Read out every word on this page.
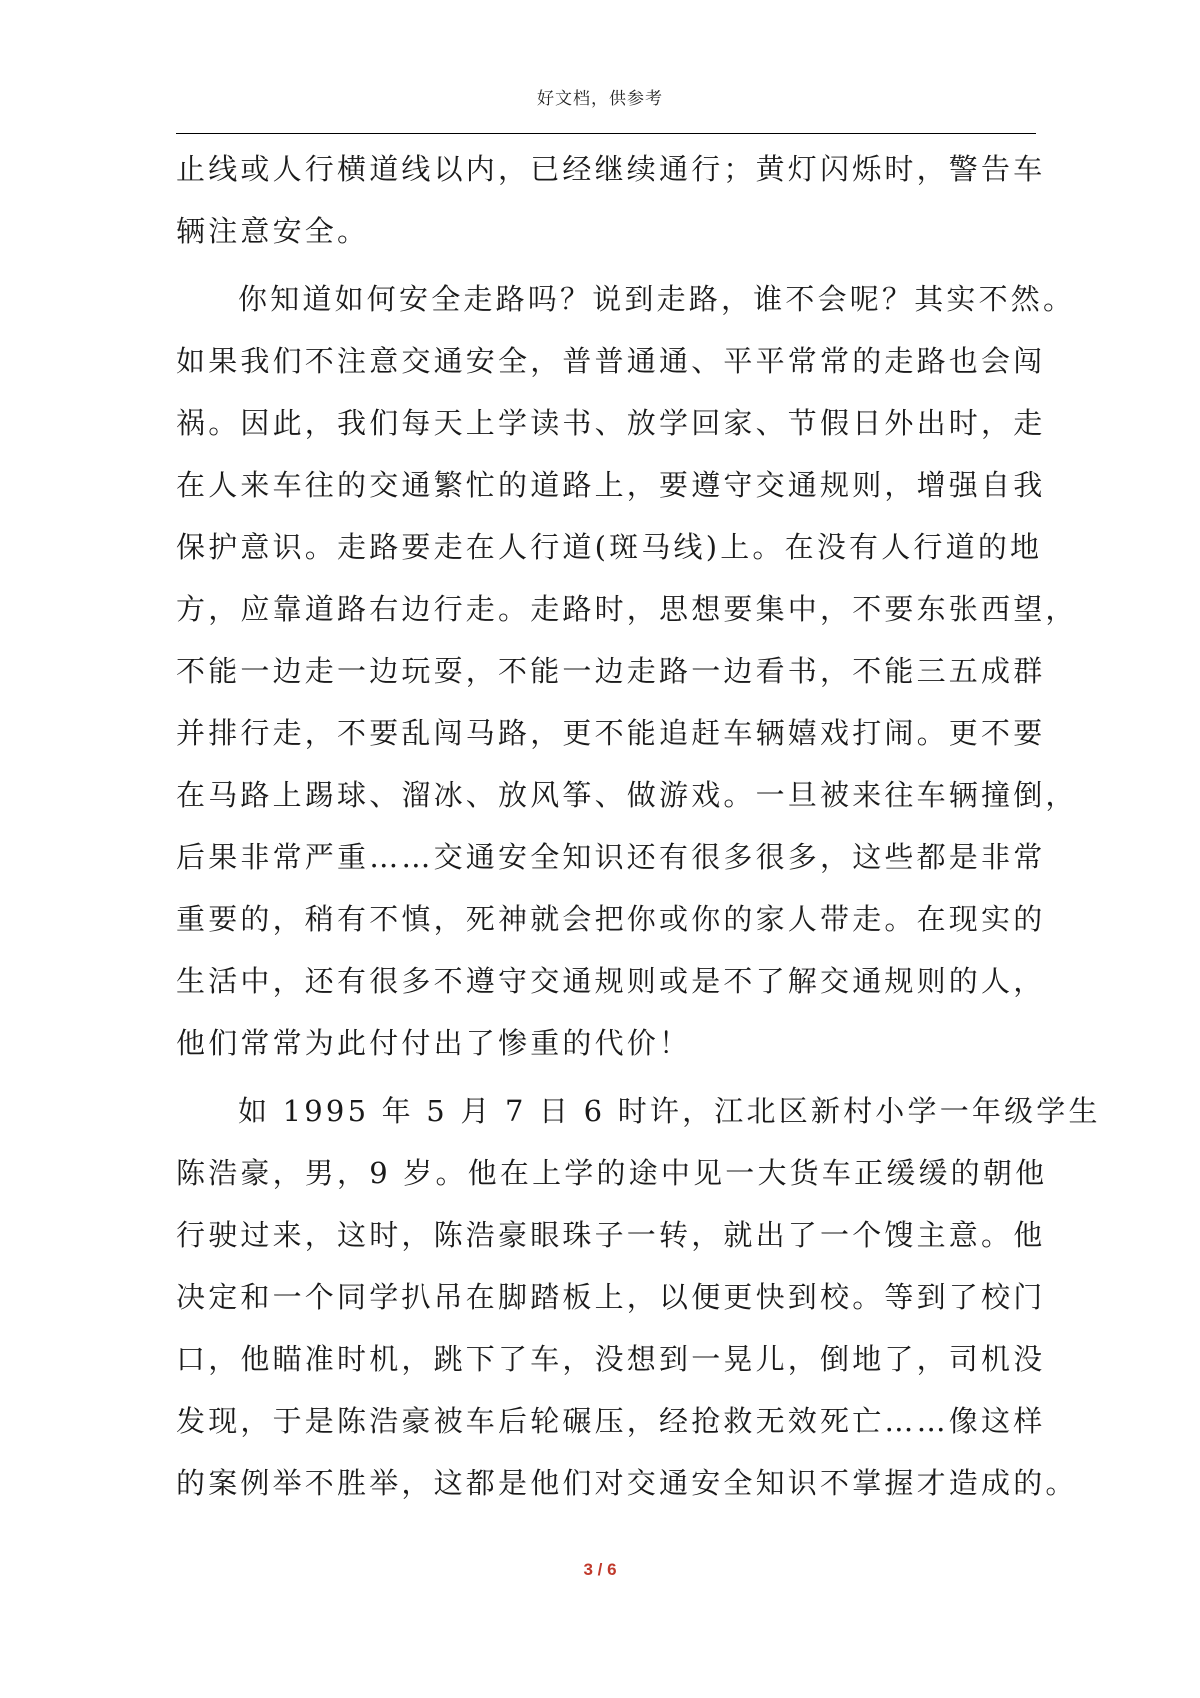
好文档，供参考
止线或人行横道线以内，已经继续通行；黄灯闪烁时，警告车
辆注意安全。
你知道如何安全走路吗？说到走路，谁不会呢？其实不然。
如果我们不注意交通安全，普普通通、平平常常的走路也会闯
祸。因此，我们每天上学读书、放学回家、节假日外出时，走
在人来车往的交通繁忙的道路上，要遵守交通规则，增强自我
保护意识。走路要走在人行道(斑马线)上。在没有人行道的地
方，应靠道路右边行走。走路时，思想要集中，不要东张西望，
不能一边走一边玩耍，不能一边走路一边看书，不能三五成群
并排行走，不要乱闯马路，更不能追赶车辆嬉戏打闹。更不要
在马路上踢球、溜冰、放风筝、做游戏。一旦被来往车辆撞倒，
后果非常严重……交通安全知识还有很多很多，这些都是非常
重要的，稍有不慎，死神就会把你或你的家人带走。在现实的
生活中，还有很多不遵守交通规则或是不了解交通规则的人，
他们常常为此付付出了惨重的代价！
如 1995 年 5 月 7 日 6 时许，江北区新村小学一年级学生
陈浩豪，男，9 岁。他在上学的途中见一大货车正缓缓的朝他
行驶过来，这时，陈浩豪眼珠子一转，就出了一个馊主意。他
决定和一个同学扒吊在脚踏板上，以便更快到校。等到了校门
口，他瞄准时机，跳下了车，没想到一晃儿，倒地了，司机没
发现，于是陈浩豪被车后轮碾压，经抢救无效死亡……像这样
的案例举不胜举，这都是他们对交通安全知识不掌握才造成的。
3 / 6
